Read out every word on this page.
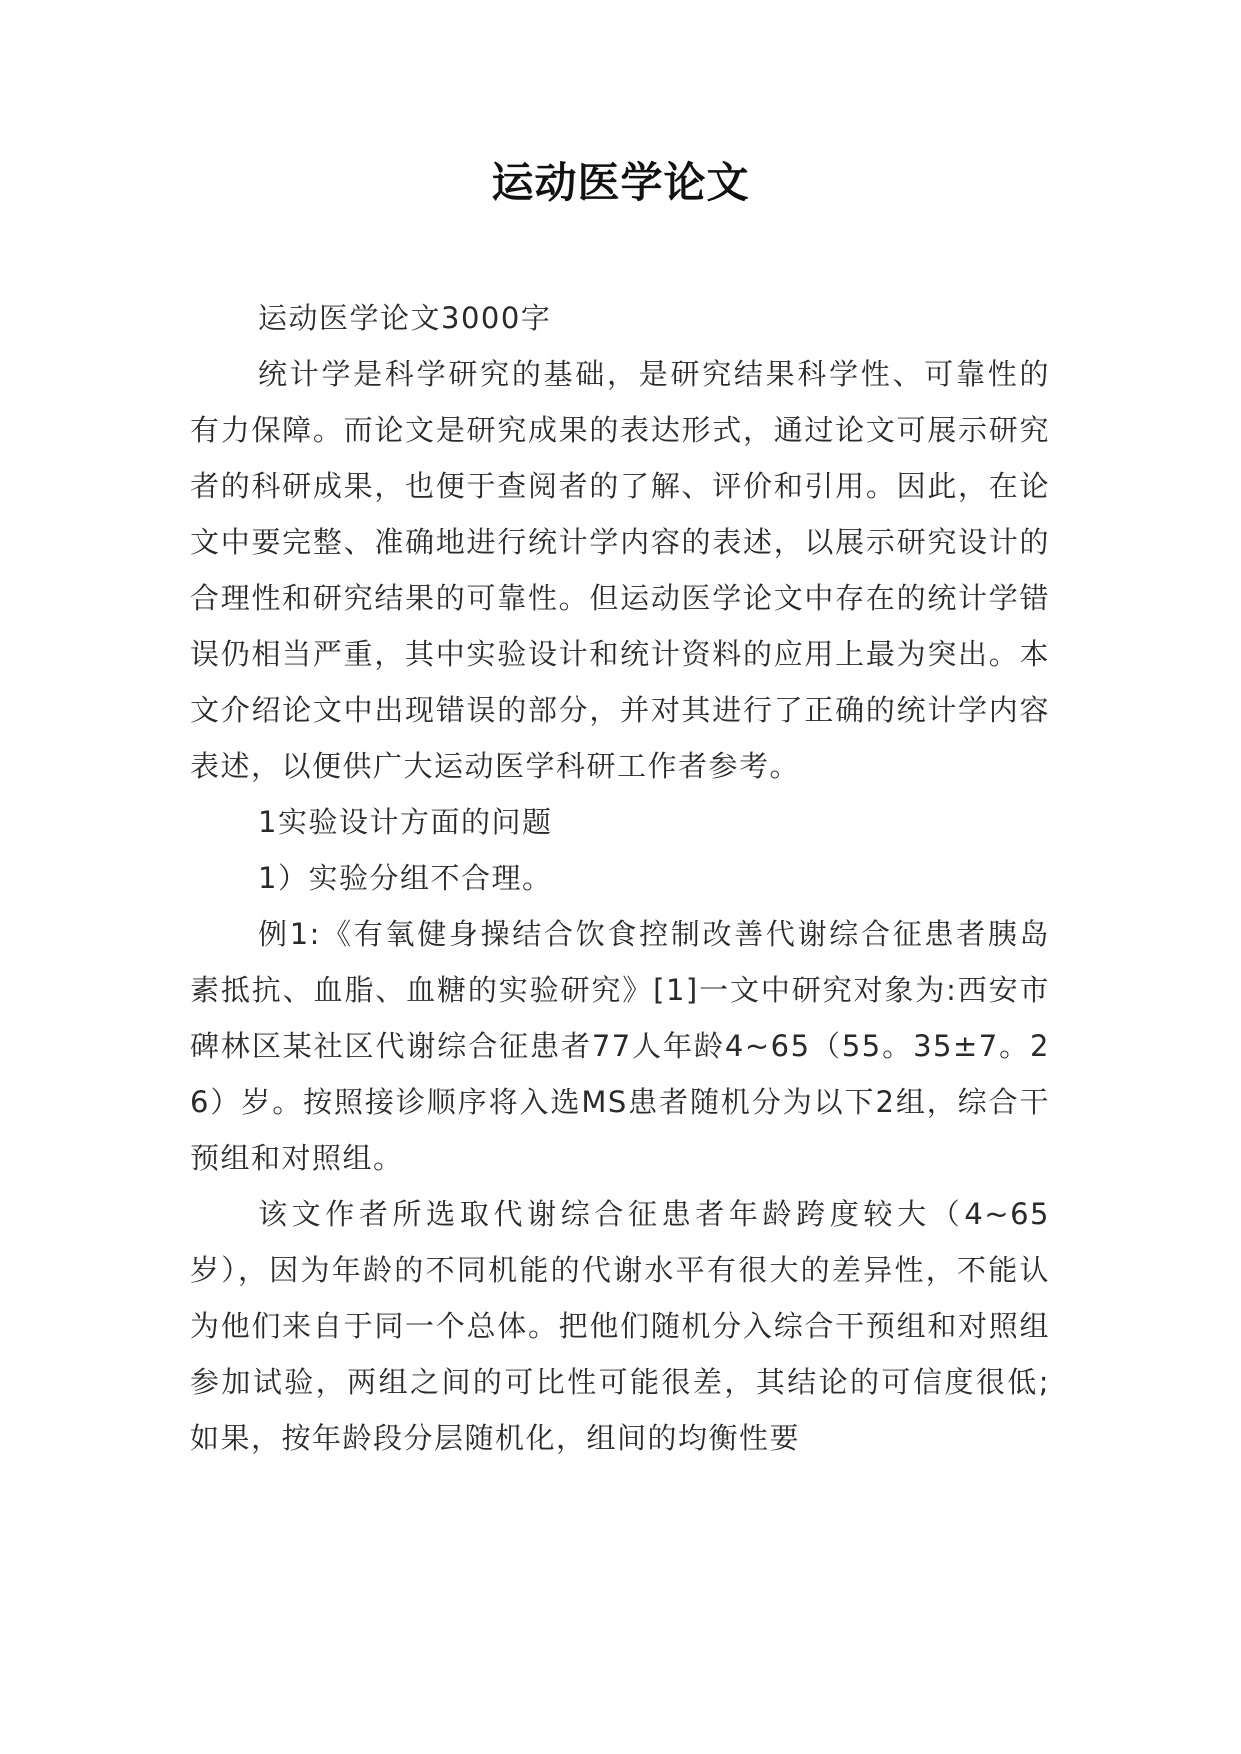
运动医学论文

运动医学论文3000字

统计学是科学研究的基础，是研究结果科学性、可靠性的有力保障。而论文是研究成果的表达形式，通过论文可展示研究者的科研成果，也便于查阅者的了解、评价和引用。因此，在论文中要完整、准确地进行统计学内容的表述，以展示研究设计的合理性和研究结果的可靠性。但运动医学论文中存在的统计学错误仍相当严重，其中实验设计和统计资料的应用上最为突出。本文介绍论文中出现错误的部分，并对其进行了正确的统计学内容表述，以便供广大运动医学科研工作者参考。

1实验设计方面的问题

1）实验分组不合理。

例1:《有氧健身操结合饮食控制改善代谢综合征患者胰岛素抵抗、血脂、血糖的实验研究》[1]一文中研究对象为:西安市碑林区某社区代谢综合征患者77人年龄4~65（55。35±7。26）岁。按照接诊顺序将入选MS患者随机分为以下2组，综合干预组和对照组。

该文作者所选取代谢综合征患者年龄跨度较大（4~65岁），因为年龄的不同机能的代谢水平有很大的差异性，不能认为他们来自于同一个总体。把他们随机分入综合干预组和对照组参加试验，两组之间的可比性可能很差，其结论的可信度很低;如果，按年龄段分层随机化，组间的均衡性要
